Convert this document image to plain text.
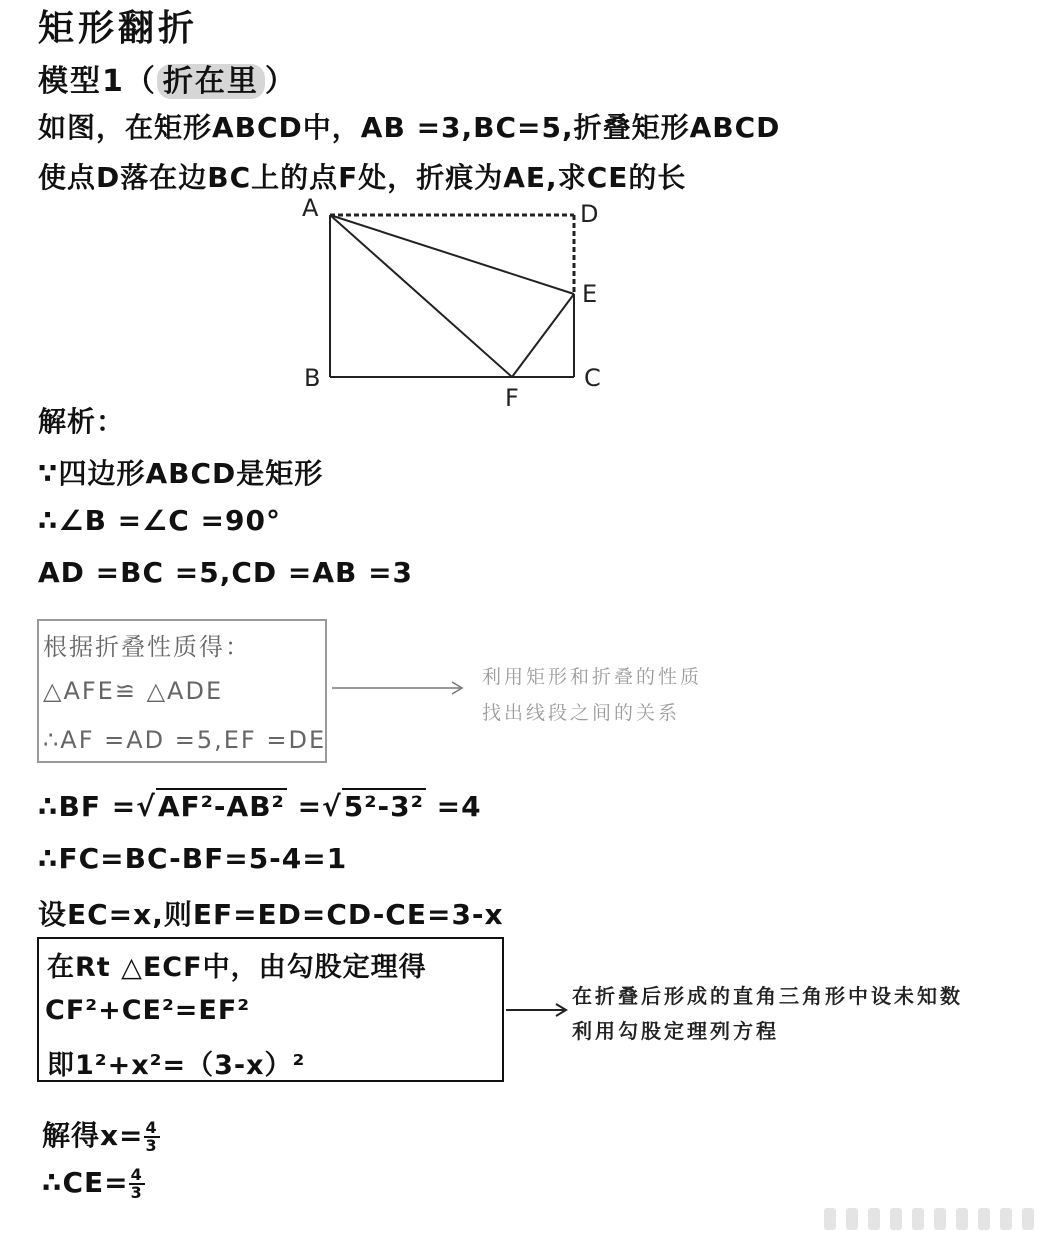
矩形翻折
模型1（ 折在里 ）
如图，在矩形ABCD中，AB =3,BC=5,折叠矩形ABCD
使点D落在边BC上的点F处，折痕为AE,求CE的长
A	D
E
B	C
F
解析：
∵四边形ABCD是矩形
∴∠B =∠C =90°
AD =BC =5,CD =AB =3
根据折叠性质得：
△AFE≌ △ADE
∴AF =AD =5,EF =DE
利用矩形和折叠的性质
找出线段之间的关系
∴BF =√AF²-AB² =√5²-3² =4
∴FC=BC-BF=5-4=1
设EC=x,则EF=ED=CD-CE=3-x
在Rt △ECF中，由勾股定理得
CF²+CE²=EF²
即1²+x²=（3-x）²
在折叠后形成的直角三角形中设未知数
利用勾股定理列方程
解得$x= \frac{4}{3}$
∴CE= $\frac{4}{3}$
